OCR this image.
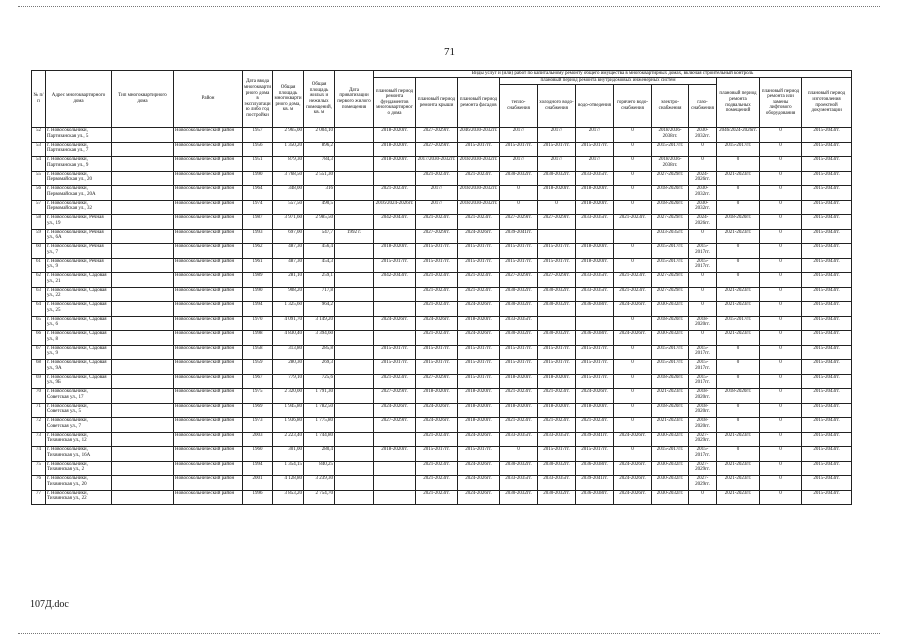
71
№ п/п	Адрес многоквартирного дома	Тип многоквартирного дома	Район	Дата ввода многоквартирного дома в эксплуатацию либо год постройки	Общая площадь многоквартирного дома, кв. м	Общая площадь жилых и нежилых помещений, кв. м	Дата приватизации первого жилого помещения	Виды услуг и (или) работ по капитальному ремонту общего имущества в многоквартирных домах, включая строительный контроль											
								плановый период ремонта фундаментов многоквартирного дома	плановый период ремонта крыши	плановый период ремонта фасадов	плановый период ремонта внутридомовых инженерных систем						плановый период ремонта подвальных помещений	плановый период ремонта или замены лифтового оборудования	плановый период изготовления проектной документации
											тепло-снабжения	холодного водо-снабжения	водо-отведения	горячего водо-снабжения	электро-снабжения	газо-снабжения			
52	г. Новосокольники, Партизанская ул., 5		Новосокольнический район	1957	2 965,00	2 004,10		2018-2020гг.	2027-2029гг.	2046/2030-2032гг.	2017/	2017/	2017/	0	2018/2036-2038гг.	2030-2032гг.	2046/2024-2026гг.	0	2015-2043гг.
53	г. Новосокольники, Партизанская ул., 7		Новосокольнический район	1956	1 350,20	896,2		2018-2020гг.	2027-2029гг.	2015-2017гг.	2015-2017гг.	2015-2017гг.	2015-2017гг.	0	2015-2017гг.	0	2015-2017гг.	0	2015-2043гг.
54	г. Новосокольники, Партизанская ул., 9		Новосокольнический район	1951	879,30	784,3		2018-2020гг.	2017/2030-2032гг.	2018/2030-2032гг.	2017/	2017/	2017/	0	2018/2036-2038гг.	0	0	0	2015-2043гг.
55	г. Новосокольники, Первомайская ул., 20		Новосокольнический район	1990	3 768,50	2 551,30			2021-2023гг.	2021-2023гг.	2030-2032гг.	2030-2032гг.	2033-2035гг.	0	2027-2029гг.	2024-2026гг.	2021-2023гг.	0	2015-2043гг.
56	г. Новосокольники, Первомайская ул., 20А		Новосокольнический район	1964	348,00	316		2021-2023гг.	2017/	2018/2030-2032гг.	0	2018-2020гг.	2018-2020гг.	0	2018-2020гг.	2030-2032гг.	0	0	2015-2043гг.
57	г. Новосокольники, Первомайская ул., 32		Новосокольнический район	1974	557,50	490,5		2016/2024-2026гг.	2017/	2018/2030-2032гг.	0	0	2018-2020гг.	0	2018-2020гг.	2030-2032гг.	0	0	2015-2043гг.
58	г. Новосокольники, Речная ул., 19		Новосокольнический район	1987	3 971,60	2 985,50		2042-2043гг.	2021-2023гг.	2021-2023гг.	2027-2029гг.	2027-2029гг.	2033-2035гг.	2021-2023гг.	2027-2029гг.	2024-2026гг.	2018-2020гг.	0	2015-2043гг.
59	г. Новосокольники, Речная ул., 6А		Новосокольнический район	1993	697,00	547,7	1992 г.		2027-2029гг.	2024-2026гг.	2039-2041гг.				2033-2035гг.	0	2021-2023гг.	0	2015-2043гг.
60	г. Новосокольники, Речная ул., 7		Новосокольнический район	1962	487,30	456,4		2018-2020гг.	2015-2017гг.	2015-2017гг.	2015-2017гг.	2015-2017гг.	2018-2020гг.	0	2015-2017гг.	2015-2017гг.	0	0	2015-2043гг.
61	г. Новосокольники, Речная ул., 9		Новосокольнический район	1961	487,30	454,3		2015-2017гг.	2015-2017гг.	2015-2017гг.	2015-2017гг.	2015-2017гг.	2018-2020гг.	0	2015-2017гг.	2015-2017гг.	0	0	2015-2043гг.
62	г. Новосокольники, Садовая ул., 21		Новосокольнический район	1989	281,10	259,1		2042-2043гг.	2021-2023гг.	2021-2023гг.	2027-2029гг.	2027-2029гг.	2033-2035гг.	2021-2023гг.	2027-2029гг.	0	0	0	2015-2043гг.
63	г. Новосокольники, Садовая ул., 22		Новосокольнический район	1990	908,20	717,8			2021-2023гг.	2021-2023гг.	2030-2032гг.	2030-2032гг.	2033-2035гг.	2021-2023гг.	2027-2029гг.	0	2021-2023гг.	0	2015-2043гг.
64	г. Новосокольники, Садовая ул., 25		Новосокольнический район	1994	1 325,60	964,2			2021-2023гг.	2024-2026гг.	2030-2032гг.	2030-2032гг.	2036-2038гг.	2024-2026гг.	2030-2032гг.	0	2021-2023гг.	0	2015-2043гг.
65	г. Новосокольники, Садовая ул., 6		Новосокольнический район	1970	4 091,70	3 149,20		2024-2026гг.	2024-2026гг.	2018-2020гг.	2033-2035гг.			0	2018-2020гг.	2018-2020гг.	2015-2017гг.	0	2015-2043гг.
66	г. Новосокольники, Садовая ул., 8		Новосокольнический район	1998	4 830,40	3 394,60			2021-2023гг.	2024-2026гг.	2030-2032гг.	2030-2032гг.	2036-2038гг.	2024-2026гг.	2030-2032гг.	0	2021-2023гг.	0	2015-2043гг.
67	г. Новосокольники, Садовая ул., 9		Новосокольнический район	1958	313,80	285,8		2015-2017гг.	2015-2017гг.	2015-2017гг.	2015-2017гг.	2015-2017гг.	2015-2017гг.	0	2015-2017гг.	2015-2017гг.	0	0	2015-2043гг.
68	г. Новосокольники, Садовая ул., 9А		Новосокольнический район	1959	280,30	269,3		2015-2017гг.	2015-2017гг.	2015-2017гг.	2015-2017гг.	2015-2017гг.	2015-2017гг.	0	2015-2017гг.	2015-2017гг.	0	0	2015-2043гг.
69	г. Новосокольники, Садовая ул., 9Б		Новосокольнический район	1967	779,10	725,6		2021-2023гг.	2027-2029гг.	2015-2017гг.	2018-2020гг.	2018-2020гг.	2015-2017гг.	0	2018-2020гг.	2015-2017гг.	0	0	2015-2043гг.
70	г. Новосокольники, Советская ул., 17		Новосокольнический район	1975	2 320,00	1 791,30		2027-2029гг.	2018-2020гг.	2018-2020гг.	2021-2023гг.	2021-2023гг.	2024-2026гг.	0	2021-2023гг.	2018-2020гг.	2018-2020гг.	0	2015-2043гг.
71	г. Новосокольники, Советская ул., 5		Новосокольнический район	1969	1 945,80	1 782,50		2024-2026гг.	2024-2026гг.	2018-2020гг.	2018-2020гг.	2018-2020гг.	2018-2020гг.	0	2018-2020гг.	2018-2020гг.	0	0	2015-2043гг.
72	г. Новосокольники, Советская ул., 7		Новосокольнический район	1973	1 936,80	1 775,80		2027-2029гг.	2024-2026гг.	2018-2020гг.	2021-2023гг.	2021-2023гг.	2021-2023гг.	0	2021-2023гг.	2018-2020гг.	0	0	2015-2043гг.
73	г. Новосокольники, Тихвинская ул., 12		Новосокольнический район	2003	2 223,40	1 744,80			2021-2023гг.	2024-2026гг.	2033-2035гг.	2033-2035гг.	2039-2041гг.	2024-2026гг.	2030-2032гг.	2027-2029гг.	2021-2023гг.	0	2015-2043гг.
74	г. Новосокольники, Тихвинская ул., 16А		Новосокольнический район	1960	301,00	280,4		2018-2020гг.	2015-2017гг.	2015-2017гг.	0	2015-2017гг.	2015-2017гг.	0	2015-2017гг.	2015-2017гг.	0	0	2015-2043гг.
75	г. Новосокольники, Тихвинская ул., 2		Новосокольнический район	1994	1 354,15	840,25			2021-2023гг.	2024-2026гг.	2030-2032гг.	2030-2032гг.	2036-2038гг.	2024-2026гг.	2030-2032гг.	2027-2029гг.	2021-2023гг.	0	2015-2043гг.
76	г. Новосокольники, Тихвинская ул., 20		Новосокольнический район	2001	4 128,80	3 239,30			2021-2023гг.	2024-2026гг.	2033-2035гг.	2033-2035гг.	2039-2041гг.	2024-2026гг.	2030-2032гг.	2027-2029гг.	2021-2023гг.	0	2015-2043гг.
77	г. Новосокольники, Тихвинская ул., 22		Новосокольнический район	1996	3 853,20	2 754,70			2021-2023гг.	2024-2026гг.	2030-2032гг.	2030-2032гг.	2036-2038гг.	2024-2026гг.	2030-2032гг.	0	2021-2023гг.	0	2015-2043гг.
107Д.doc
